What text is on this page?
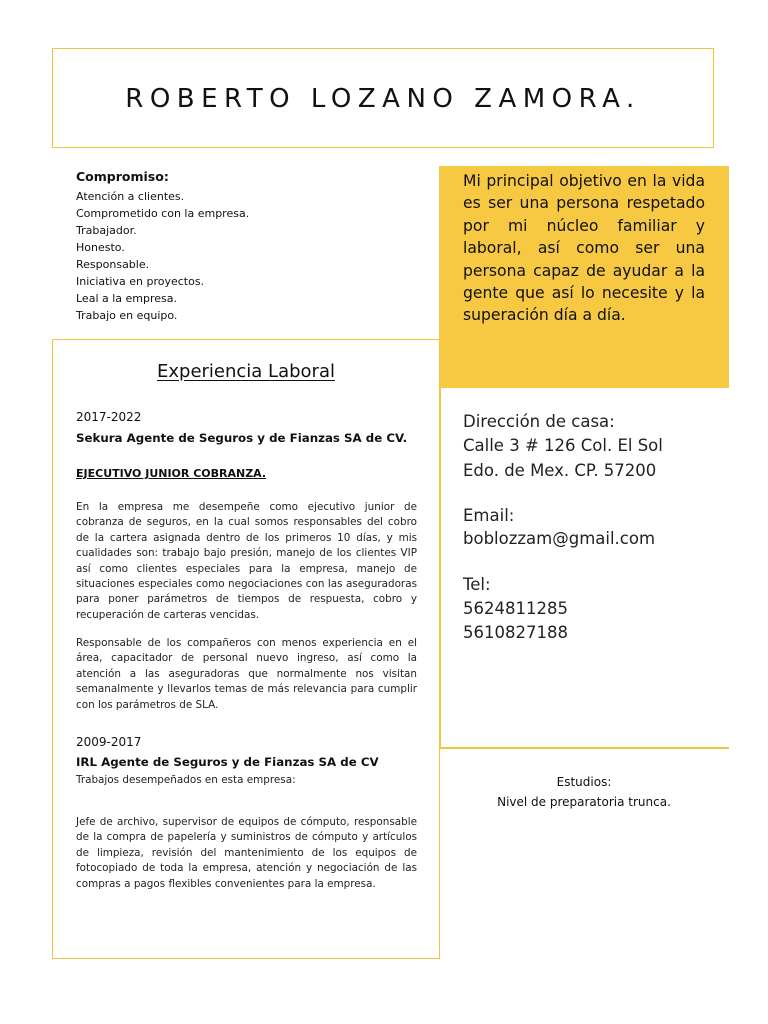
ROBERTO LOZANO ZAMORA.
Compromiso:
Atención a clientes.
Comprometido con la empresa.
Trabajador.
Honesto.
Responsable.
Iniciativa en proyectos.
Leal a la empresa.
Trabajo en equipo.

Mi principal objetivo en la vida es ser una persona respetado por mi núcleo familiar y laboral, así como ser una persona capaz de ayudar a la gente que así lo necesite y la superación día a día.

Experiencia Laboral
2017-2022
Sekura Agente de Seguros y de Fianzas SA de CV.
EJECUTIVO JUNIOR COBRANZA.

En la empresa me desempeñe como ejecutivo junior de cobranza de seguros, en la cual somos responsables del cobro de la cartera asignada dentro de los primeros 10 días, y mis cualidades son: trabajo bajo presión, manejo de los clientes VIP así como clientes especiales para la empresa, manejo de situaciones especiales como negociaciones con las aseguradoras para poner parámetros de tiempos de respuesta, cobro y recuperación de carteras vencidas.

Responsable de los compañeros con menos experiencia en el área, capacitador de personal nuevo ingreso, así como la atención a las aseguradoras que normalmente nos visitan semanalmente y llevarlos temas de más relevancia para cumplir con los parámetros de SLA.

2009-2017
IRL Agente de Seguros y de Fianzas SA de CV

Trabajos desempeñados en esta empresa:

Jefe de archivo, supervisor de equipos de cómputo, responsable de la compra de papelería y suministros de cómputo y artículos de limpieza, revisión del mantenimiento de los equipos de fotocopiado de toda la empresa, atención y negociación de las compras a pagos flexibles convenientes para la empresa.

Dirección de casa:

Calle 3 # 126 Col. El Sol

Edo. de Mex. CP. 57200

Email:

boblozzam@gmail.com

Tel:

5624811285

5610827188

Estudios:
Nivel de preparatoria trunca.
